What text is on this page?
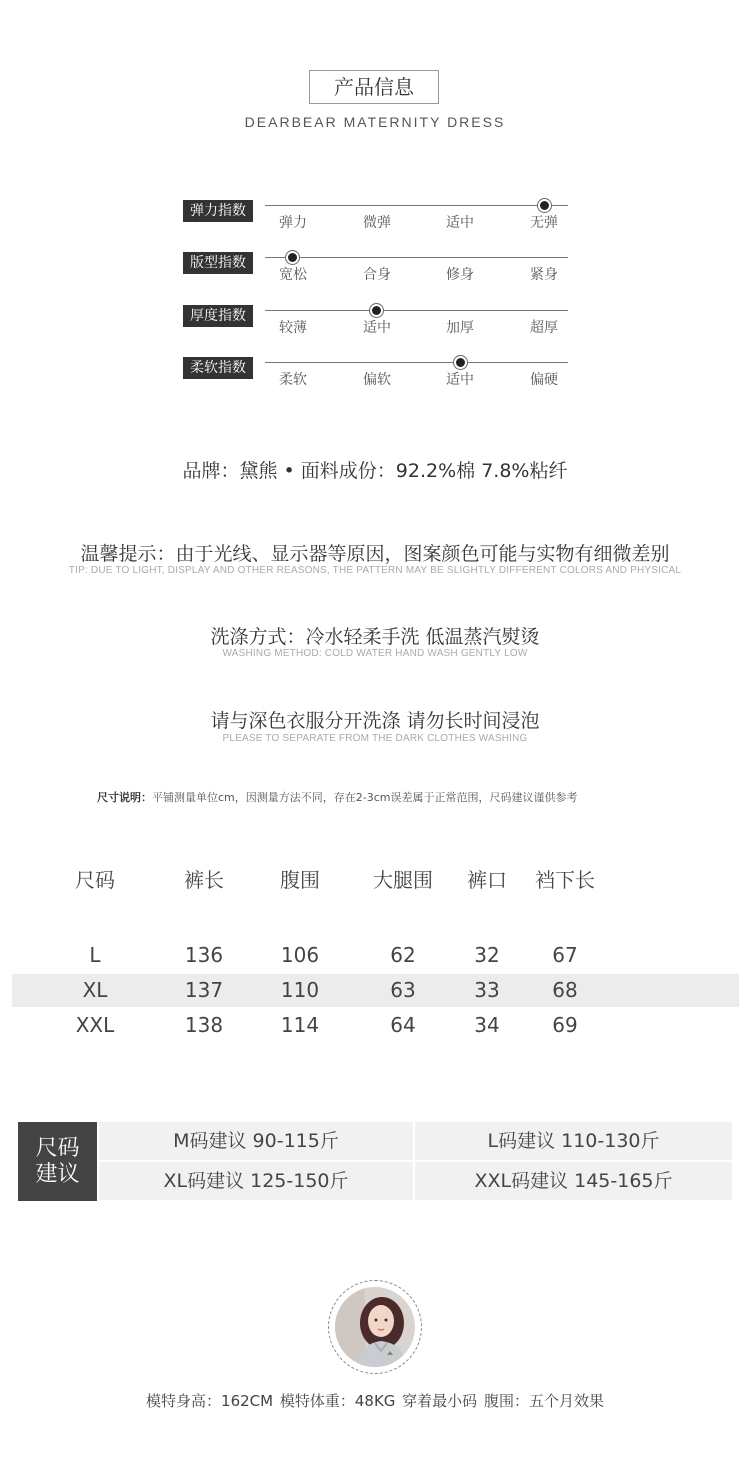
产品信息
DEARBEAR MATERNITY DRESS
弹力指数
弹力	微弹	适中	无弹
版型指数
宽松	合身	修身	紧身
厚度指数
较薄	适中	加厚	超厚
柔软指数
柔软	偏软	适中	偏硬
品牌：黛熊 • 面料成份：92.2%棉 7.8%粘纤
温馨提示：由于光线、显示器等原因，图案颜色可能与实物有细微差别
TIP: DUE TO LIGHT, DISPLAY AND OTHER REASONS, THE PATTERN MAY BE SLIGHTLY DIFFERENT COLORS AND PHYSICAL
洗涤方式：冷水轻柔手洗 低温蒸汽熨烫
WASHING METHOD: COLD WATER HAND WASH GENTLY LOW
请与深色衣服分开洗涤 请勿长时间浸泡
PLEASE TO SEPARATE FROM THE DARK CLOTHES WASHING
尺寸说明：平铺测量单位cm，因测量方法不同，存在2-3cm误差属于正常范围，尺码建议谨供参考
尺码	裤长	腹围	大腿围	裤口	裆下长
L	136	106	62	32	67
XL	137	110	63	33	68
XXL	138	114	64	34	69
尺码
建议
M码建议 90-115斤	L码建议 110-130斤
XL码建议 125-150斤	XXL码建议 145-165斤
模特身高：162CM 模特体重：48KG 穿着最小码 腹围：五个月效果
